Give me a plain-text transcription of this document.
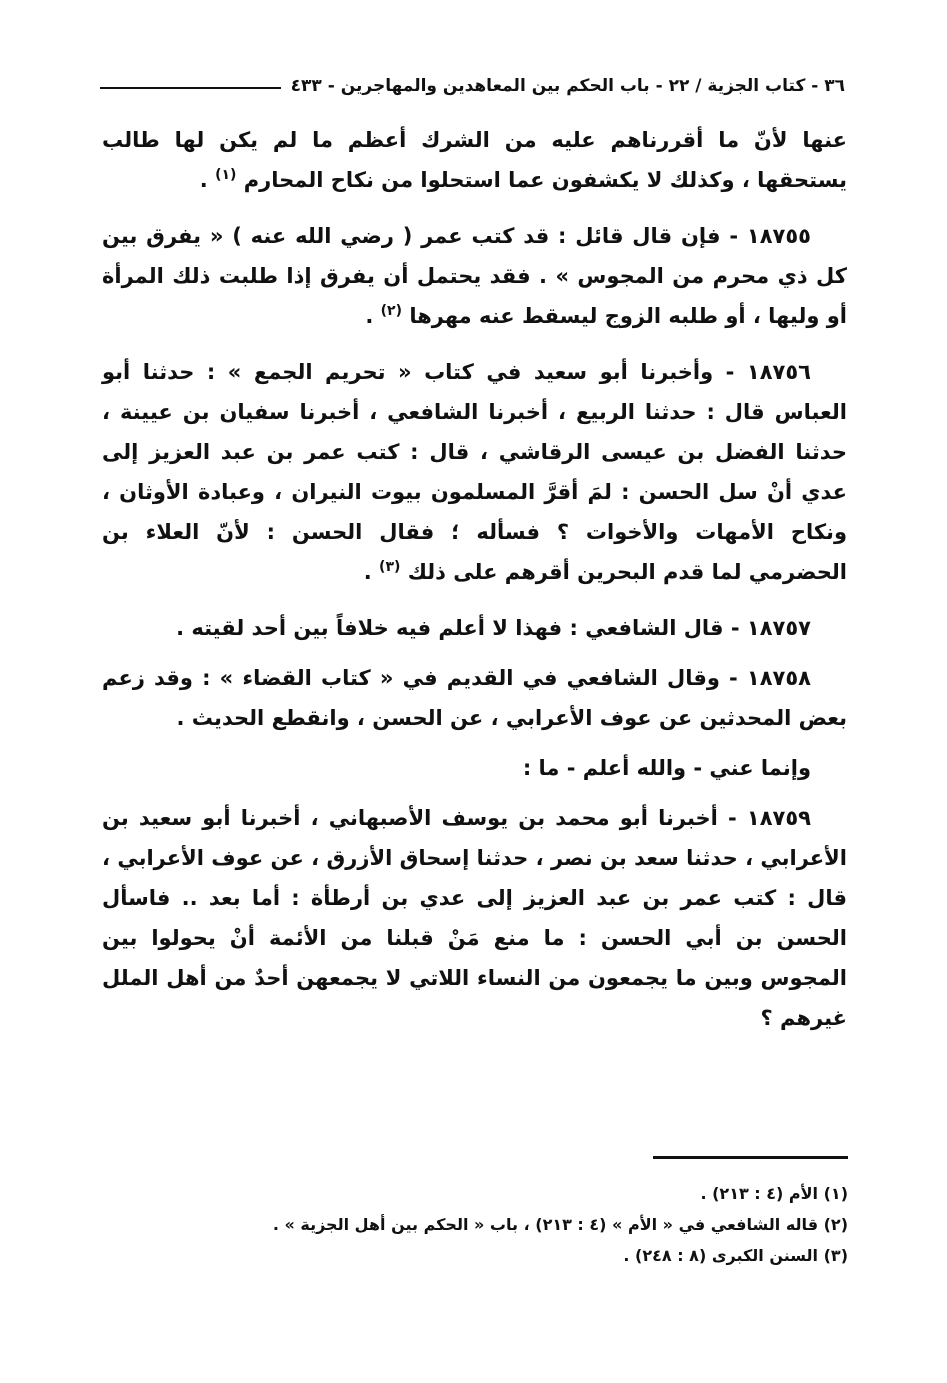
٣٦ - كتاب الجزية / ٢٢ - باب الحكم بين المعاهدين والمهاجرين - ٤٣٣

عنها لأنّ ما أقررناهم عليه من الشرك أعظم ما لم يكن لها طالب يستحقها ، وكذلك لا يكشفون عما استحلوا من نكاح المحارم $^{(١)}$ .

١٨٧٥٥ - فإن قال قائل : قد كتب عمر ( رضي الله عنه ) « يفرق بين كل ذي محرم من المجوس » . فقد يحتمل أن يفرق إذا طلبت ذلك المرأة أو وليها ، أو طلبه الزوج ليسقط عنه مهرها $^{(٢)}$ .

١٨٧٥٦ - وأخبرنا أبو سعيد في كتاب « تحريم الجمع » : حدثنا أبو العباس قال : حدثنا الربيع ، أخبرنا الشافعي ، أخبرنا سفيان بن عيينة ، حدثنا الفضل بن عيسى الرقاشي ، قال : كتب عمر بن عبد العزيز إلى عدي أنْ سل الحسن : لمَ أقرَّ المسلمون بيوت النيران ، وعبادة الأوثان ، ونكاح الأمهات والأخوات ؟ فسأله ؛ فقال الحسن : لأنّ العلاء بن الحضرمي لما قدم البحرين أقرهم على ذلك $^{(٣)}$ .

١٨٧٥٧ - قال الشافعي : فهذا لا أعلم فيه خلافاً بين أحد لقيته .

١٨٧٥٨ - وقال الشافعي في القديم في « كتاب القضاء » : وقد زعم بعض المحدثين عن عوف الأعرابي ، عن الحسن ، وانقطع الحديث .

وإنما عني - والله أعلم - ما :

١٨٧٥٩ - أخبرنا أبو محمد بن يوسف الأصبهاني ، أخبرنا أبو سعيد بن الأعرابي ، حدثنا سعد بن نصر ، حدثنا إسحاق الأزرق ، عن عوف الأعرابي ، قال : كتب عمر بن عبد العزيز إلى عدي بن أرطأة : أما بعد .. فاسأل الحسن بن أبي الحسن : ما منع مَنْ قبلنا من الأئمة أنْ يحولوا بين المجوس وبين ما يجمعون من النساء اللاتي لا يجمعهن أحدٌ من أهل الملل غيرهم ؟

(١) الأم (٤ : ٢١٣) .

(٢) قاله الشافعي في « الأم » (٤ : ٢١٣) ، باب « الحكم بين أهل الجزية » .

(٣) السنن الكبرى (٨ : ٢٤٨) .
